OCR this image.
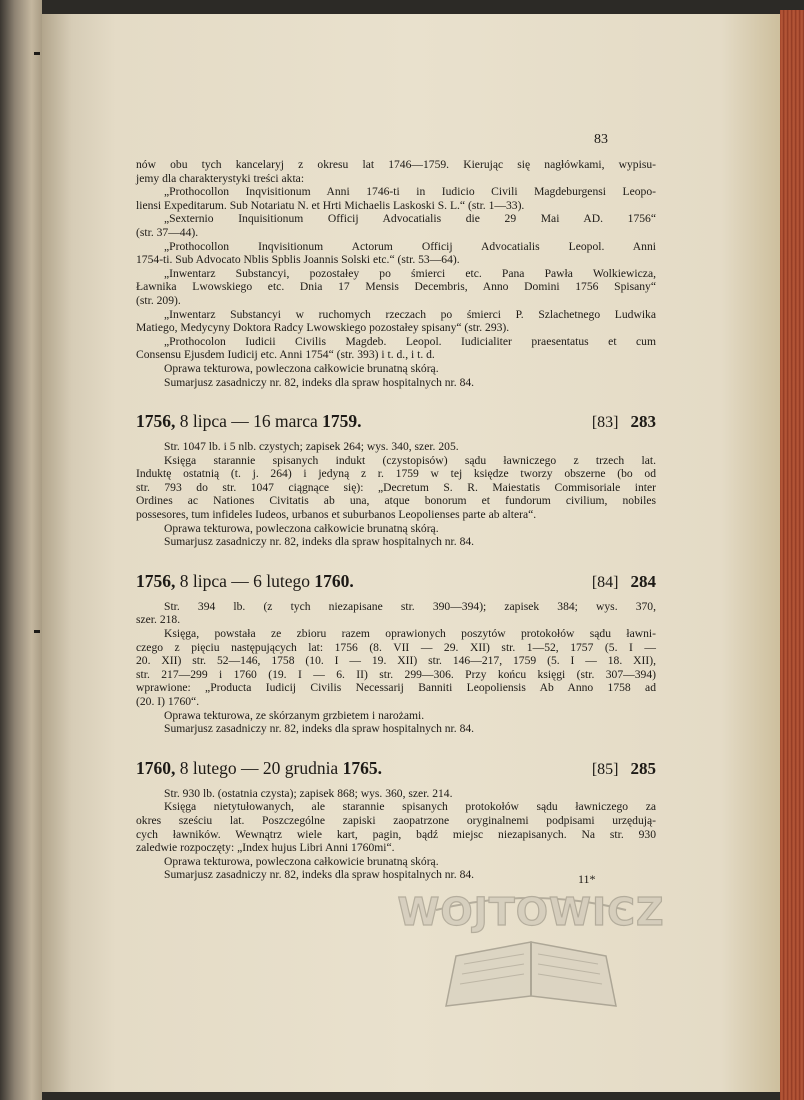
83
nów obu tych kancelaryj z okresu lat 1746—1759. Kierując się nagłówkami, wypisu-
jemy dla charakterystyki treści akta:
„Prothocollon Inqvisitionum Anni 1746-ti in Iudicio Civili Magdeburgensi Leopo-
liensi Expeditarum. Sub Notariatu N. et Hrti Michaelis Laskoski S. L.“ (str. 1—33).
„Sexternio Inquisitionum Officij Advocatialis die 29 Mai AD. 1756“
(str. 37—44).
„Prothocollon Inqvisitionum Actorum Officij Advocatialis Leopol. Anni
1754-ti. Sub Advocato Nblis Spblis Joannis Solski etc.“ (str. 53—64).
„Inwentarz Substancyi, pozostałey po śmierci etc. Pana Pawła Wolkiewicza,
Ławnika Lwowskiego etc. Dnia 17 Mensis Decembris, Anno Domini 1756 Spisany“
(str. 209).
„Inwentarz Substancyi w ruchomych rzeczach po śmierci P. Szlachetnego Ludwika
Matiego, Medycyny Doktora Radcy Lwowskiego pozostałey spisany“ (str. 293).
„Prothocolon Iudicii Civilis Magdeb. Leopol. Iudicialiter praesentatus et cum
Consensu Ejusdem Iudicij etc. Anni 1754“ (str. 393) i t. d., i t. d.
Oprawa tekturowa, powleczona całkowicie brunatną skórą.
Sumarjusz zasadniczy nr. 82, indeks dla spraw hospitalnych nr. 84.
1756, 8 lipca — 16 marca 1759.	[83] 283
Str. 1047 lb. i 5 nlb. czystych; zapisek 264; wys. 340, szer. 205.
Księga starannie spisanych indukt (czystopisów) sądu ławniczego z trzech lat.
Induktę ostatnią (t. j. 264) i jedyną z r. 1759 w tej księdze tworzy obszerne (bo od
str. 793 do str. 1047 ciągnące się): „Decretum S. R. Maiestatis Commisoriale inter
Ordines ac Nationes Civitatis ab una, atque bonorum et fundorum civilium, nobiles
possesores, tum infideles Iudeos, urbanos et suburbanos Leopolienses parte ab altera“.
Oprawa tekturowa, powleczona całkowicie brunatną skórą.
Sumarjusz zasadniczy nr. 82, indeks dla spraw hospitalnych nr. 84.
1756, 8 lipca — 6 lutego 1760.	[84] 284
Str. 394 lb. (z tych niezapisane str. 390—394); zapisek 384; wys. 370,
szer. 218.
Księga, powstała ze zbioru razem oprawionych poszytów protokołów sądu ławni-
czego z pięciu następujących lat: 1756 (8. VII — 29. XII) str. 1—52, 1757 (5. I —
20. XII) str. 52—146, 1758 (10. I — 19. XII) str. 146—217, 1759 (5. I — 18. XII),
str. 217—299 i 1760 (19. I — 6. II) str. 299—306. Przy końcu księgi (str. 307—394)
wprawione: „Producta Iudicij Civilis Necessarij Banniti Leopoliensis Ab Anno 1758 ad
(20. I) 1760“.
Oprawa tekturowa, ze skórzanym grzbietem i narożami.
Sumarjusz zasadniczy nr. 82, indeks dla spraw hospitalnych nr. 84.
1760, 8 lutego — 20 grudnia 1765.	[85] 285
Str. 930 lb. (ostatnia czysta); zapisek 868; wys. 360, szer. 214.
Księga nietytułowanych, ale starannie spisanych protokołów sądu ławniczego za
okres sześciu lat. Poszczególne zapiski zaopatrzone oryginalnemi podpisami urzędują-
cych ławników. Wewnątrz wiele kart, pagin, bądź miejsc niezapisanych. Na str. 930
zaledwie rozpoczęty: „Index hujus Libri Anni 1760mi“.
Oprawa tekturowa, powleczona całkowicie brunatną skórą.
Sumarjusz zasadniczy nr. 82, indeks dla spraw hospitalnych nr. 84.	11*
WOJTOWICZ
